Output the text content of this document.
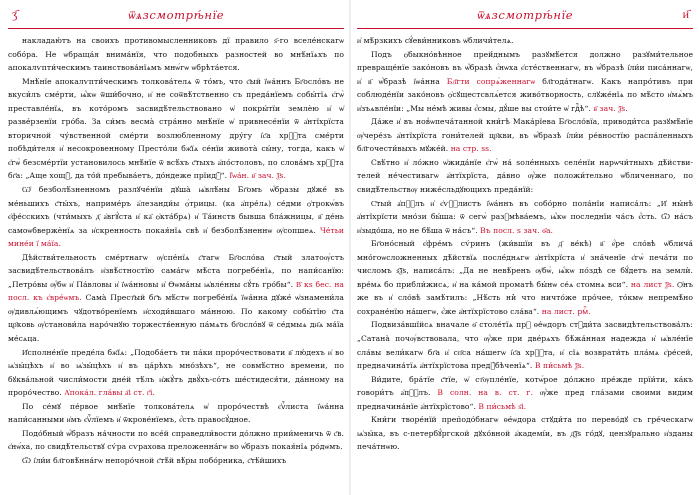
ӡ҃	ѿѧзсмотрѣ́нїе

накладаю́тъ на своихъ противомысленниковъ дї правило ѕ҃-го вселе́нскагѡ собо́ра. Не ѡбраща́я внима́нїя, что подобныхъ разностей во мнѣ́нїѧхъ по апокалѵпти́ческимъ таинствова́нїѧмъ мнѡ́гѡ ѡбрѣта́ется.

Мнѣ́нїе апокалѵпти́ческимъ толкова́телѧ ѿ то́мъ, что с҃ый ї҆ѡа́ннъ Бг҃осло́въ не вкуси́лъ сме́рти, ѩ҆́кѡ ѿши́бочно, и҆ не соѿвѣ́тственно съ преда́нїемъ собы́тїѧ є҆гѡ̀ преставле́нїѧ, въ кото́ромъ засвидѣ́тельствовано ѡ҆ покры́тїи землѐю и҆ ѡ҆ разве́рзенїи гро́ба. За си́мъ весма̀ стра́нно мнѣ́нїе ѡ҆ привнесе́нїи ѿ а҆нтїхрїста вторичной чу́вственной сме́рти возлюбленному дру́гу і҆с҃а хрⷭ҇та сме́рти побѣди́теля и҆ несокровенному Престо́ли бж҃їѧ се́нїи живота̀ сы́ну, тогда, какъ ѡ҆ є҆гѡ̀ безсме́ртїи установилось мнѣ́нїе ѿ всѣ́хъ с҃тыхъ а҆по́столовъ, по слова́мъ хрⷭ҇та бг҃а: „Аще хощꙋ̀, да то́й пребыва́етъ, до́ндеже прїидꙋ̀“. Ї҆ѡа́н. в҃ зач. ѯ҃ѕ.

Ѡ҆ безболѣ́зненномъ разлꙋче́нїи дꙋша̀ ѩ҆влѣ́ны Бг҃омъ ѡ҆́бразы дꙋже́ въ ме́ньшихъ с҃ты́хъ, наприме́ръ а҆лезанди́ы ѻ́трицы. (ка а҆пре́лѧ) се́дми ѻ҆трокѡ́въ є҆фе́сскихъ (чти́мыхъ д҃ а҆вгꙋ́ста и҆ ка҃ ѻ҆кта́брѧ) и҆ Та́инств бывша бла́жницы, в҃ де́нь самоѡбвержѐнїѧ за и҆скренность покая́нїѧ свѣ и҆ безболѣ́зненнѡ ѹ҆сопшеѧ. Че́тьи мине́и ї҆ ма́їа.

Дѣйстви́тельность сме́ртнагѡ ѹ҆спе́нїѧ с҃тагѡ Бг҃осло́ва с҃тый златоѹ́стъ засвидѣ́тельствова́лъ и҆звѣ́стностїю сама́гѡ мѣ́ста погребе́нїѧ, по напи́санїю: „Петро́вы ѹ҆́бѡ и҆ Па́вловы и҆ ї҆ѡа́нновы и҆ Ѳѡма́ны ѩ҆вле́нны сꙋ́ть гро́бы“. В҃ кѕ бес. на посл. къ є҆вре́ѡмъ. Сама̀ Прест҃ый бг҃ъ мѣ́стѡ погребе́нїѧ ї҆ѡа́нна дꙋже́ ѡ҆знамени́ла ѹ҆дивлѧ́ющимъ чꙋдотво́ренїемъ и҆сходи́вшаго ма́нною. По какому собы́тїю с҃та цр҃ковь ѹ҆станови́ла наро́чнꙋю торжеств́енную па́мѧть бг҃осло́вꙋ ѿ се́дмыѧ дн҃ѧ ма́їа ме́сѧца.

И҆сполне́нїе преде́ла бж҃їѧ: „Подоба́етъ ти па́ки проро́чествовати в҃ лю́дехъ и҆ во ѩ҆зы́цѣхъ и҆ во ѩ҆зы́цѣхъ и҆ въ ца́рѣхъ мно́зѣхъ“, не совмѣ́стно времени, по бꙋква́льной числи́мости дне́й тѣ́лъ и҆жꙋ́тъ двꙋ́хъ-со́тъ ше́стидеся́ти, да́нному на проро́чество. А҆пока́л. гла́вы а҃і ст. г҃і.

По се́мꙋ пе́рвое мнѣ́нїе толкова́телѧ ѡ҆ проро́чествѣ є҆ѵⷢ҇листа ї҆ѡа́нна напи́санными и҆мъ є҆ѵⷢ҇лїемъ и҆ ѿкрове́нїемъ, є҆́сть правосꙋ́дное.

Подо́бный ѡ҆́бразъ на́чности по все́й справедли́вости до́лжно прии́меничь ѿ с҃в. є҆нѡ́ха, по свидѣ́тельствꙋ сѵ́ра сѵрахова преложенна́гѡ во ѡ҆́бразъ покая́нїѧ ро́дѡмъ.

Ѿ і҆ли́и бл҃говѣ́нна́гѡ непоро́чной с҃тѣ́й вѣ́ры побо́рника, с҃тѣ́йшихъ

ѿѧзсмотрѣ́нїе	и҃

и҆ мѣ́рзкихъ сꙋ́еви́нниковъ ѡ҆бличи́телѧ.

Подъ ѻ҆быкно́вѣнное прей́днымъ разꙋмѣ́ется должно разꙋми́тельное превраще́нїе зако́новъ въ ѡ҆́бразѣ є҆́нѡха є҆сте́ственнагѡ, въ ѡ҆́бразѣ і҆ли́и писа́ннагѡ, и҆ в҃ ѡ҆́бразѣ і҆ѡа́нна Бл҃гти сопрѧ́женнагѡ бл҃года́тнагѡ. Какъ напро́тивъ при соблюде́нїи зако́новъ ѻ҆сꙋщестсвлѧ́ется живо́творность, слꙋже́нїѧ по мѣ́сто и҆мѧ̀мъ и҆зъѧвле́нїи: „Мы не́мѣ живы є҆́смы, дꙋ́ше вы стои́те ѡ҆ гдⷭ҇ѣ“. в҃ зач. ѯ҃ѕ.

Да́же и҆ въ нов̾ѡпеча́танной кни́гѣ Мака́рїева Бг҃осло́вїа, приводи́тса разꙋмѣ́нїе ѹ҆чере́зъ а҆нтїхрїста гони́телей цр҃кви, въ ѡ҆́бразѣ і҆ли́и ре́вностїю распа́ленныхъ бл҃гочести́выхъ мꙋже́й. на стр. ѕѕ.

Свѣ́тно и҆ ло́жно ѡ҆жида́нїе є҆гѡ̀ на́ ѕоле́нныхъ селе́нїи нарѡчи́тныхъ дѣ́йствителей не́честивагѡ а҆нтїхрїста, да́вно ѹ҆́же положи́тельно ѡ҆бличеннаго, по свидѣ́тельствѹ ниже́сльдꙋющихъ преда́нїй:

С҃тый а҆пⷭ҇лъ и҆ є҆ѵⷢ҇листъ ї҆ѡа́ннъ въ собо́рно пола́нїи написа́лъ: „И҆ ны́нѣ а҆нтїхрїсти мно́зи бы́ша: ѿ сегѡ̀ разꙋмѣва́емъ, ѩ҆́кѡ последнїи ча́съ є҆́сть. Ѿ на́съ и҆зыдо́ша, но не бѣ́ша ѿ на́съ“. Въ посл. ѕ зач. ѳ҃а.

Бг҃оно́сный є҆фре́мъ сѵ́ринъ (жи́вшїи въ д҃ ве́кѣ) в҃ е҆́ре сло́вѣ ѡ҆блича́ мно́гоѡсложненных дѣ́йствїѧ после́днѧгѡ а҆нтїхрїста и҆ зна́ченїе є҆гѡ̀ печа́ти по числомъ ѕ҃ѯ҃ѕ, написа́лъ: „Да не невѣ́ренъ ѹ҆бѡ̀, ѩ҆́кѡ по́здѣ се бꙋ́детъ на землѝ. вре́мѧ бо прибли́жисѧ, и҆ на ка́мой проматѣ бы́нѡ се́ѧ стомнѧ вси“. на лист ѯ҃ѕ. Ѻ҆нъ же въ и҆ сло́вѣ замѣ́тилъ: „Нѣ́сть ни̇̀ что ничто́же про́чее, то́кмѡ непремѣ́но сохране́нїю на́шегѡ, є҆́же а҆нтїхрїстово сла́ва“. на лист. рмⷢ҇.

Подвиза́вшїйсѧ вначале ѳ҃ столе́тїѧ прⷣ ѳе́ѡдоръ стꙋди́та засвидѣтельствова́лъ: „Сатана̀ почѹ́вствовала, что ѹ҆́же при две́рѧхъ бѣ́жа́нная надежда и҆ ѩ҆вле́нїе сла́вы вели́кагѡ бг҃а и҆ сп҃са на́шегѡ і҆с҃а хрⷭ҇та, и҆ сїѧ возврати́ть пла́мѧ є҆ре́сей, предначина́тїѧ а҆нтїхрїстова предꙋ́бѣченїѧ“. В пи́сьмѣ ѯ҃ѕ.

Ви́дите, бра́тїе с҃тїе, ѡ҆ ст҃ѹпле́нїе, котѡ́рое до́лжно пре́жде прїи́ти, ка́къ говори́тъ а҆пⷭ҇лъ. В солн. на в. ст. г. ѹ҆́же пред гла́зами своими видим предначина́нїе а҆нтїхрїстово“. В пи́сьмѣ ѕ҃і.

Кни́ги творе́нїй преп̀одо́бнагѡ ѳе́ѡдора стꙋди́та по перево́дꙋ съ гре́ческагѡ ѩ҆зы́ка, въ с-петербꙋ́ргской дꙋхо́вной а҆кадемі́и, въ д҃ѯ҃ѕ го́дꙋ, цензꙋрально и҆зданы печа́тнѡю.
